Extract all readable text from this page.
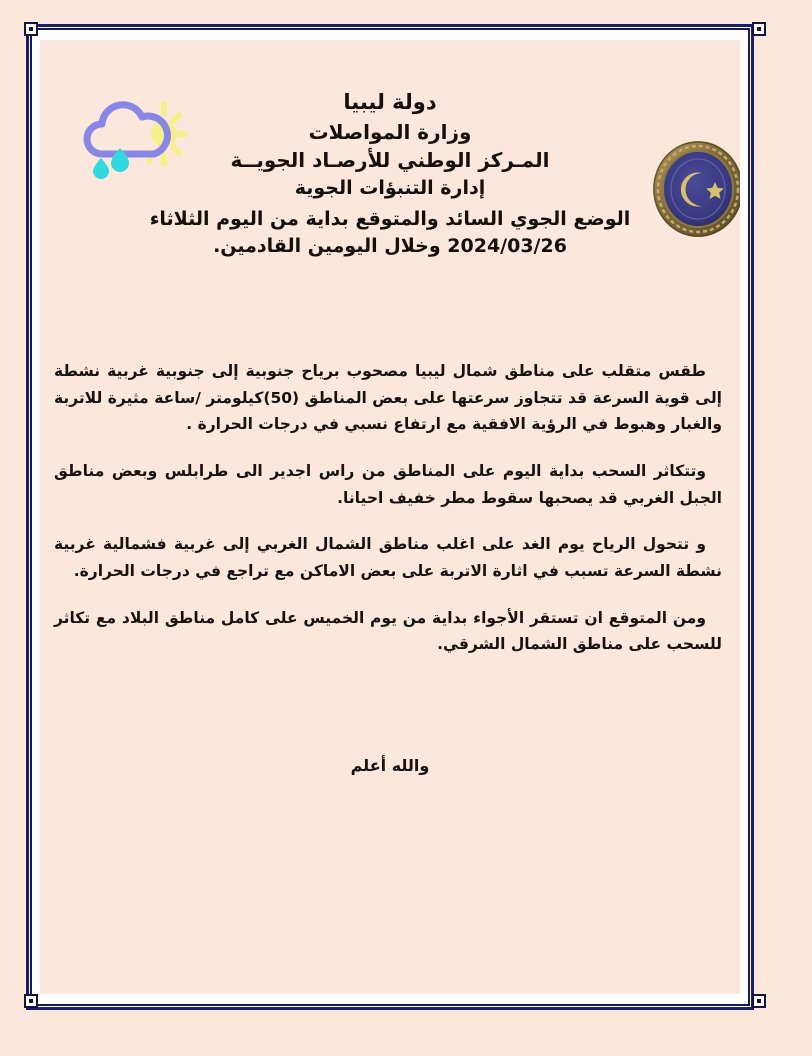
دولة ليبيا
وزارة المواصلات
المـركز الوطني للأرصـاد الجويــة
إدارة التنبؤات الجوية
الوضع الجوي السائد والمتوقع بداية من اليوم الثلاثاء
2024/03/26 وخلال اليومين القادمين.

طقس متقلب على مناطق شمال ليبيا مصحوب برياح جنوبية إلى جنوبية غربية نشطة إلى قوية السرعة قد تتجاوز سرعتها على بعض المناطق (50)كيلومتر /ساعة مثيرة للاتربة والغبار وهبوط في الرؤية الافقية مع ارتفاع نسبي في درجات الحرارة .

وتتكاثر السحب بداية اليوم على المناطق من راس اجدير الى طرابلس وبعض مناطق الجبل الغربي قد يصحبها سقوط مطر خفيف احيانا.

و تتحول الرياح يوم الغد على اغلب مناطق الشمال الغربي إلى غربية فشمالية غربية نشطة السرعة تسبب في اثارة الاتربة على بعض الاماكن مع تراجع في درجات الحرارة.

ومن المتوقع ان تستقر الأجواء بداية من يوم الخميس على كامل مناطق البلاد مع تكاثر للسحب على مناطق الشمال الشرقي.

والله أعلم
